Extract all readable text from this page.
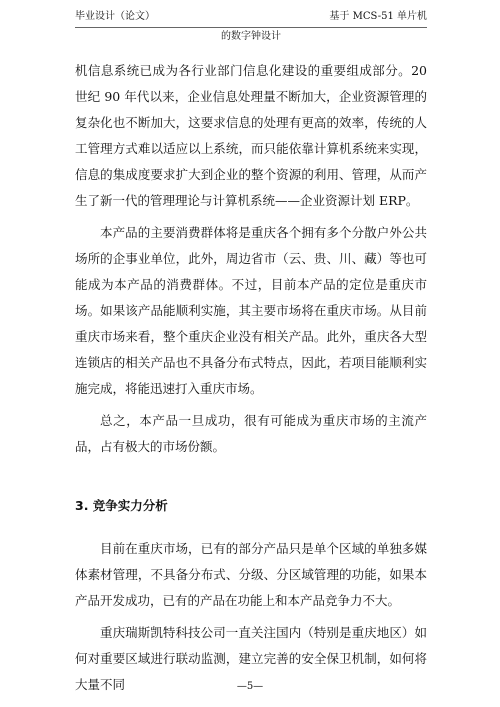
毕业设计（论文）	基于 MCS-51 单片机
的数字钟设计

机信息系统已成为各行业部门信息化建设的重要组成部分。20 世纪 90 年代以来，企业信息处理量不断加大，企业资源管理的复杂化也不断加大，这要求信息的处理有更高的效率，传统的人工管理方式难以适应以上系统，而只能依靠计算机系统来实现，信息的集成度要求扩大到企业的整个资源的利用、管理，从而产生了新一代的管理理论与计算机系统——企业资源计划 ERP。

本产品的主要消费群体将是重庆各个拥有多个分散户外公共场所的企事业单位，此外，周边省市（云、贵、川、藏）等也可能成为本产品的消费群体。不过，目前本产品的定位是重庆市场。如果该产品能顺利实施，其主要市场将在重庆市场。从目前重庆市场来看，整个重庆企业没有相关产品。此外，重庆各大型连锁店的相关产品也不具备分布式特点，因此，若项目能顺利实施完成，将能迅速打入重庆市场。

总之，本产品一旦成功，很有可能成为重庆市场的主流产品，占有极大的市场份额。

3. 竞争实力分析

目前在重庆市场，已有的部分产品只是单个区域的单独多媒体素材管理，不具备分布式、分级、分区域管理的功能，如果本产品开发成功，已有的产品在功能上和本产品竞争力不大。

重庆瑞斯凯特科技公司一直关注国内（特别是重庆地区）如何对重要区域进行联动监测，建立完善的安全保卫机制，如何将大量不同	—5—
